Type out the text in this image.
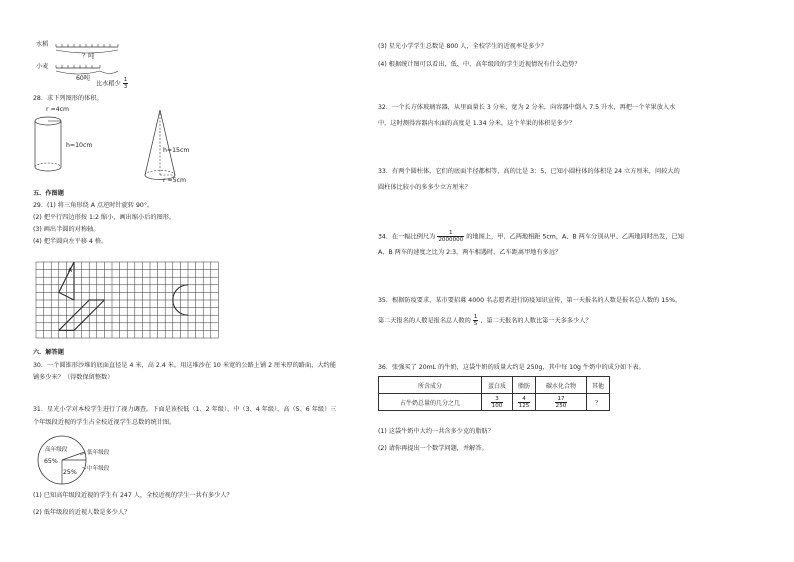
水稻
？吨
小麦
60吨
比水稻少 $\frac{1}{3}$
28．求下列图形的体积。
r =4cm
h=10cm
h=15cm
r =5cm
五．作图题
29．(1) 将三角形绕 A 点逆时针旋转 90°。
(2) 把平行四边形按 1:2 缩小，画出缩小后的图形。
(3) 画出半圆的对称轴。
(4) 把半圆向左平移 4 格。
A
六．解答题
30．一个圆锥形沙堆的底面直径是 4 米，高 2.4 米。用这堆沙在 10 米宽的公路上铺 2 厘米厚的路面，大约能
铺多少米？（得数保留整数）
31．星光小学对本校学生进行了视力调查。下面是该校低（1、2 年级）、中（3、4 年级）、高（5、6 年级）三
个年级段近视的学生占全校近视学生总数的统计图。
高年级段
65%
低年级段
中年级段
25%
(1) 已知高年级段近视的学生有 247 人，全校近视的学生一共有多少人？
(2) 低年级段的近视人数是多少人？
(3) 星光小学学生总数是 800 人，全校学生的近视率是多少？
(4) 根据统计图可以看出，低、中、高年级段的学生近视情况有什么趋势？
32．一个长方体玻璃容器，从里面量长 3 分米，宽为 2 分米，向容器中倒入 7.5 升水，再把一个苹果放入水
中，这时测得容器内水面的高度是 1.34 分米，这个苹果的体积是多少？
33．有两个圆柱体，它们的底面半径都相等，高的比是 3：5，已知小圆柱体的体积是 24 立方厘米，问较大的
圆柱体比较小的多多少立方厘米？
34．在一幅比例尺为 $\frac{1}{2000000}$ 的地图上，甲、乙两地相距 5cm，A、B 两车分别从甲、乙两地同时出发，已知
A、B 两车的速度之比为 2:3，两车相遇时，乙车距离甲地有多远？
35．根据防疫要求，某市要招募 4000 名志愿者进行防疫知识宣传，第一天报名的人数是报名总人数的 15%，
第二天报名的人数是报名总人数的 $\frac{1}{5}$ ，第二天报名的人数比第一天多多少人？
36．张强买了 20mL 的牛奶，这袋牛奶的质量大约是 250g，其中每 10g 牛奶中的成分如下表。
所含成分	蛋白质	脂肪	碳水化合物	其他
占牛奶总量的几分之几	$\frac{3}{100}$	$\frac{4}{125}$	$\frac{17}{250}$	？
(1) 这袋牛奶中大约一共含多少克的脂肪？
(2) 请你再提出一个数学问题，并解答。
